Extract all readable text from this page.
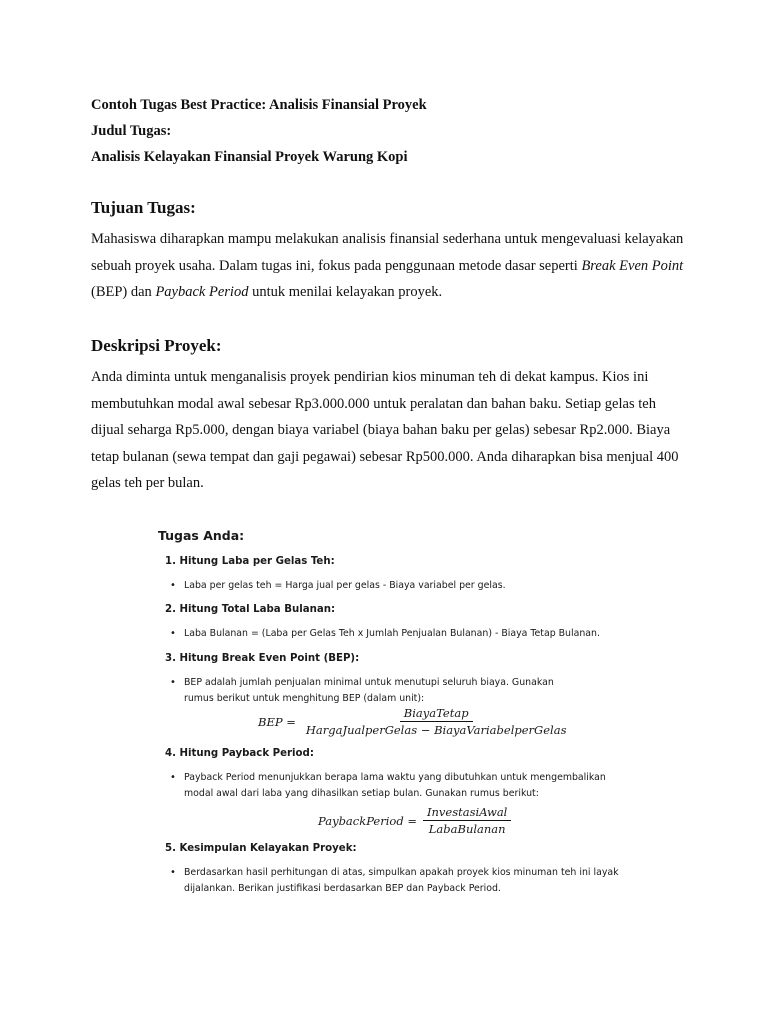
Contoh Tugas Best Practice: Analisis Finansial Proyek
Judul Tugas:
Analisis Kelayakan Finansial Proyek Warung Kopi
Tujuan Tugas:
Mahasiswa diharapkan mampu melakukan analisis finansial sederhana untuk mengevaluasi kelayakan sebuah proyek usaha. Dalam tugas ini, fokus pada penggunaan metode dasar seperti Break Even Point (BEP) dan Payback Period untuk menilai kelayakan proyek.
Deskripsi Proyek:
Anda diminta untuk menganalisis proyek pendirian kios minuman teh di dekat kampus. Kios ini membutuhkan modal awal sebesar Rp3.000.000 untuk peralatan dan bahan baku. Setiap gelas teh dijual seharga Rp5.000, dengan biaya variabel (biaya bahan baku per gelas) sebesar Rp2.000. Biaya tetap bulanan (sewa tempat dan gaji pegawai) sebesar Rp500.000. Anda diharapkan bisa menjual 400 gelas teh per bulan.
Tugas Anda:
1. Hitung Laba per Gelas Teh:
• Laba per gelas teh = Harga jual per gelas - Biaya variabel per gelas.
2. Hitung Total Laba Bulanan:
• Laba Bulanan = (Laba per Gelas Teh x Jumlah Penjualan Bulanan) - Biaya Tetap Bulanan.
3. Hitung Break Even Point (BEP):
• BEP adalah jumlah penjualan minimal untuk menutupi seluruh biaya. Gunakan rumus berikut untuk menghitung BEP (dalam unit):
BEP = $\frac{\text{BiayaTetap}}{\text{HargaJualperGelas − BiayaVariabelperGelas}}$
4. Hitung Payback Period:
• Payback Period menunjukkan berapa lama waktu yang dibutuhkan untuk mengembalikan modal awal dari laba yang dihasilkan setiap bulan. Gunakan rumus berikut:
PaybackPeriod = $\frac{\text{InvestasiAwal}}{\text{LabaBulanan}}$
5. Kesimpulan Kelayakan Proyek:
• Berdasarkan hasil perhitungan di atas, simpulkan apakah proyek kios minuman teh ini layak dijalankan. Berikan justifikasi berdasarkan BEP dan Payback Period.
